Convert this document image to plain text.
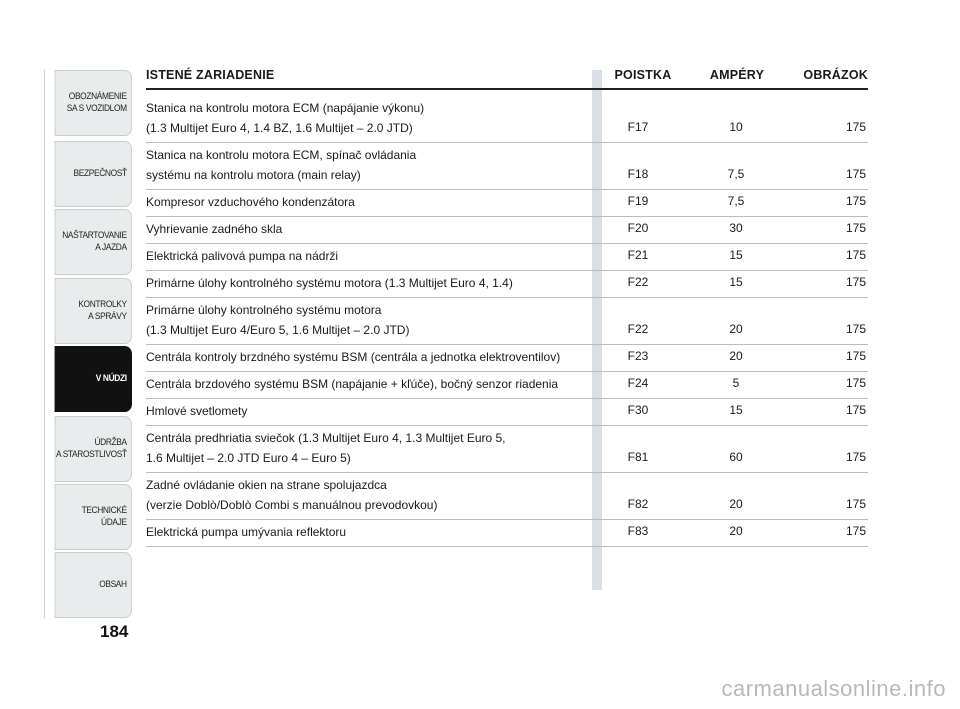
OBOZNÁMENIE
SA S VOZIDLOM
BEZPEČNOSŤ
NAŠTARTOVANIE
A JAZDA
KONTROLKY
A SPRÁVY
V NÚDZI
ÚDRŽBA
A STAROSTLIVOSŤ
TECHNICKÉ
ÚDAJE
OBSAH
184
ISTENÉ ZARIADENIE	POISTKA	AMPÉRY	OBRÁZOK
Stanica na kontrolu motora ECM (napájanie výkonu)
(1.3 Multijet Euro 4, 1.4 BZ, 1.6 Multijet – 2.0 JTD)	F17	10	175
Stanica na kontrolu motora ECM, spínač ovládania
systému na kontrolu motora (main relay)	F18	7,5	175
Kompresor vzduchového kondenzátora	F19	7,5	175
Vyhrievanie zadného skla	F20	30	175
Elektrická palivová pumpa na nádrži	F21	15	175
Primárne úlohy kontrolného systému motora (1.3 Multijet Euro 4, 1.4)	F22	15	175
Primárne úlohy kontrolného systému motora
(1.3 Multijet Euro 4/Euro 5, 1.6 Multijet – 2.0 JTD)	F22	20	175
Centrála kontroly brzdného systému BSM (centrála a jednotka elektroventilov)	F23	20	175
Centrála brzdového systému BSM (napájanie + kľúče), bočný senzor riadenia	F24	5	175
Hmlové svetlomety	F30	15	175
Centrála predhriatia sviečok (1.3 Multijet Euro 4, 1.3 Multijet Euro 5,
1.6 Multijet – 2.0 JTD Euro 4 – Euro 5)	F81	60	175
Zadné ovládanie okien na strane spolujazdca
(verzie Doblò/Doblò Combi s manuálnou prevodovkou)	F82	20	175
Elektrická pumpa umývania reflektoru	F83	20	175
carmanualsonline.info
